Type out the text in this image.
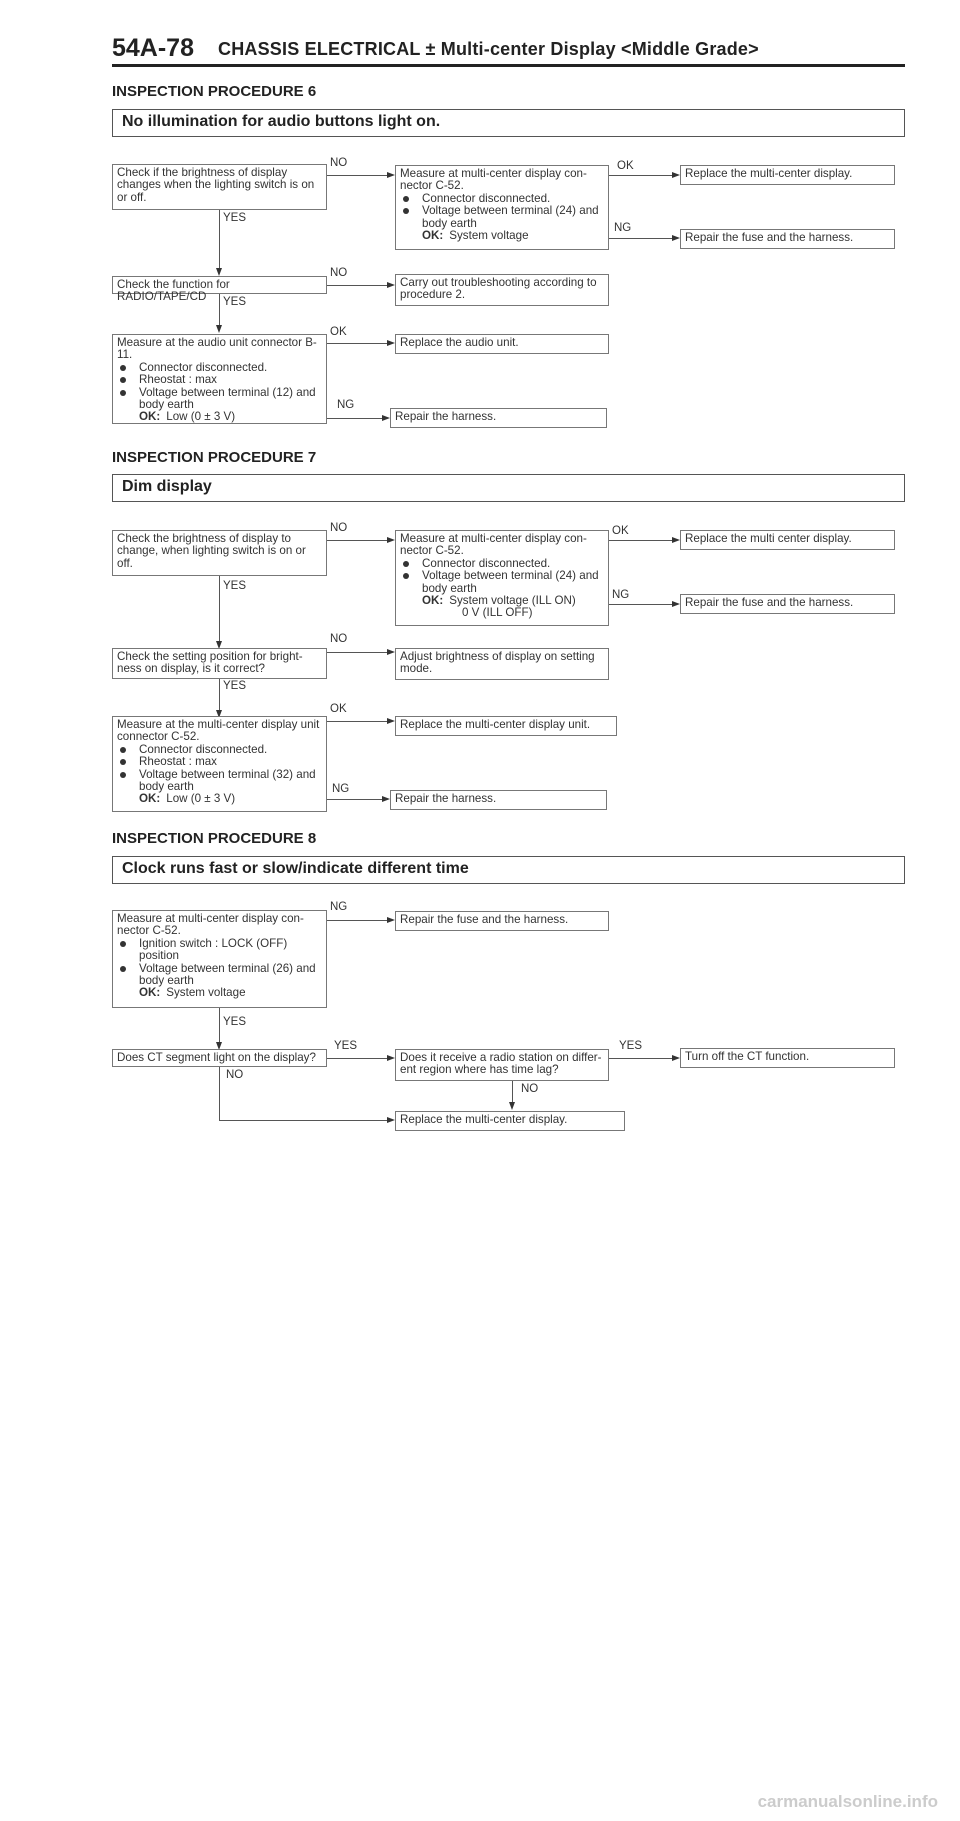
54A-78 CHASSIS ELECTRICAL ± Multi-center Display <Middle Grade>
INSPECTION PROCEDURE 6
No illumination for audio buttons light on.
Check if the brightness of display changes when the lighting switch is on or off.
Measure at multi-center display con- nector C-52.
Connector disconnected.
Voltage between terminal (24) and body earth
OK: System voltage
Replace the multi-center display.
Repair the fuse and the harness.
NO	OK
NG
YES
Check the function for RADIO/TAPE/CD
Carry out troubleshooting according to procedure 2.
NO
YES
Measure at the audio unit connector B-11.
Connector disconnected.
Rheostat : max
Voltage between terminal (12) and body earth
OK: Low (0 ± 3 V)
Replace the audio unit.
Repair the harness.
OK
NG
INSPECTION PROCEDURE 7
Dim display
Check the brightness of display to change, when lighting switch is on or off.
Measure at multi-center display con- nector C-52.
Connector disconnected.
Voltage between terminal (24) and body earth
OK: System voltage (ILL ON)
0 V (ILL OFF)
Replace the multi center display.
Repair the fuse and the harness.
NO	OK
NG
YES
Check the setting position for bright- ness on display, is it correct?
Adjust brightness of display on setting mode.
NO
YES
Measure at the multi-center display unit connector C-52.
Connector disconnected.
Rheostat : max
Voltage between terminal (32) and body earth
OK: Low (0 ± 3 V)
Replace the multi-center display unit.
Repair the harness.
OK
NG
INSPECTION PROCEDURE 8
Clock runs fast or slow/indicate different time
Measure at multi-center display con- nector C-52.
Ignition switch : LOCK (OFF) position
Voltage between terminal (26) and body earth
OK: System voltage
Repair the fuse and the harness.
NG
YES
Does CT segment light on the display?	Does it receive a radio station on differ- ent region where has time lag?
Turn off the CT function.
YES	YES
NO
NO
Replace the multi-center display.
carmanualsonline.info
